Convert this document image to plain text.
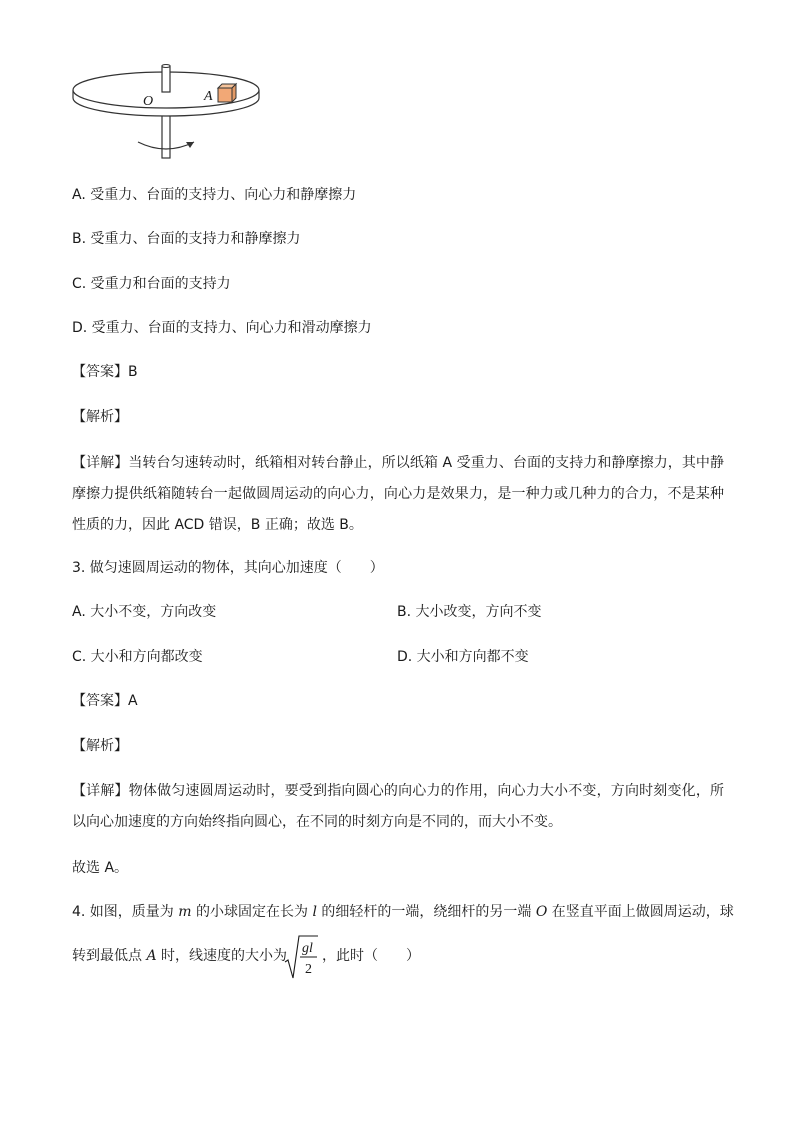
O	A
A. 受重力、台面的支持力、向心力和静摩擦力
B. 受重力、台面的支持力和静摩擦力
C. 受重力和台面的支持力
D. 受重力、台面的支持力、向心力和滑动摩擦力
【答案】B
【解析】
【详解】当转台匀速转动时，纸箱相对转台静止，所以纸箱 A 受重力、台面的支持力和静摩擦力，其中静摩擦力提供纸箱随转台一起做圆周运动的向心力，向心力是效果力，是一种力或几种力的合力，不是某种性质的力，因此 ACD 错误，B 正确；故选 B。
3. 做匀速圆周运动的物体，其向心加速度（　　）
A. 大小不变，方向改变	B. 大小改变，方向不变
C. 大小和方向都改变	D. 大小和方向都不变
【答案】A
【解析】
【详解】物体做匀速圆周运动时，要受到指向圆心的向心力的作用，向心力大小不变，方向时刻变化，所以向心加速度的方向始终指向圆心，在不同的时刻方向是不同的，而大小不变。
故选 A。
4. 如图，质量为 m 的小球固定在长为 l 的细轻杆的一端，绕细杆的另一端 O 在竖直平面上做圆周运动，球
转到最低点 A 时，线速度的大小为 gl
2
，此时（　　）
